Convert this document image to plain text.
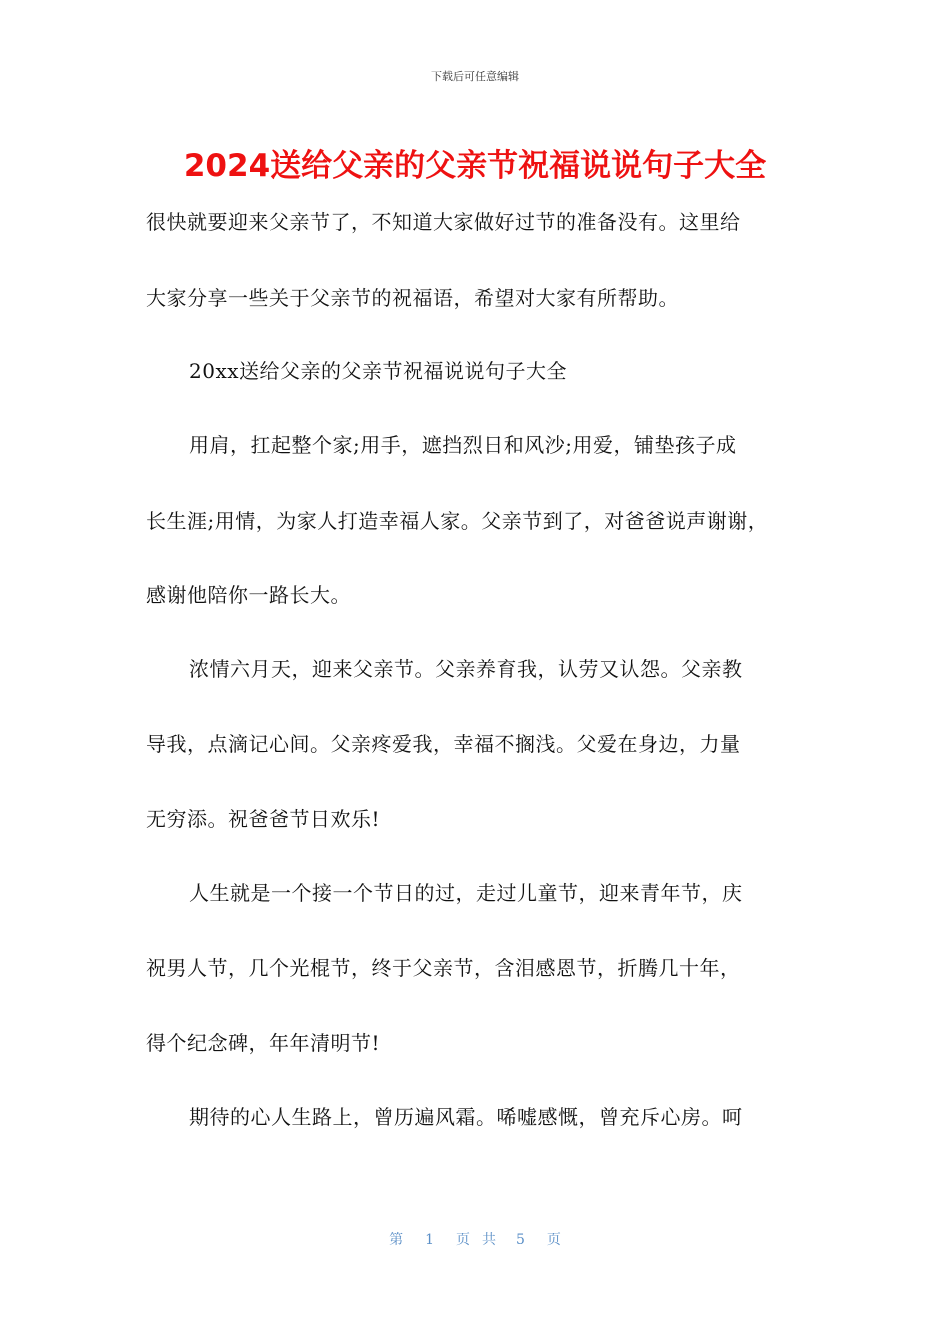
下载后可任意编辑
2024送给父亲的父亲节祝福说说句子大全
很快就要迎来父亲节了，不知道大家做好过节的准备没有。这里给
大家分享一些关于父亲节的祝福语，希望对大家有所帮助。
20xx送给父亲的父亲节祝福说说句子大全
用肩，扛起整个家;用手，遮挡烈日和风沙;用爱，铺垫孩子成
长生涯;用情，为家人打造幸福人家。父亲节到了，对爸爸说声谢谢，
感谢他陪你一路长大。
浓情六月天，迎来父亲节。父亲养育我，认劳又认怨。父亲教
导我，点滴记心间。父亲疼爱我，幸福不搁浅。父爱在身边，力量
无穷添。祝爸爸节日欢乐!
人生就是一个接一个节日的过，走过儿童节，迎来青年节，庆
祝男人节，几个光棍节，终于父亲节，含泪感恩节，折腾几十年，
得个纪念碑，年年清明节!
期待的心人生路上，曾历遍风霜。唏嘘感慨，曾充斥心房。呵
第 1 页共 5 页
